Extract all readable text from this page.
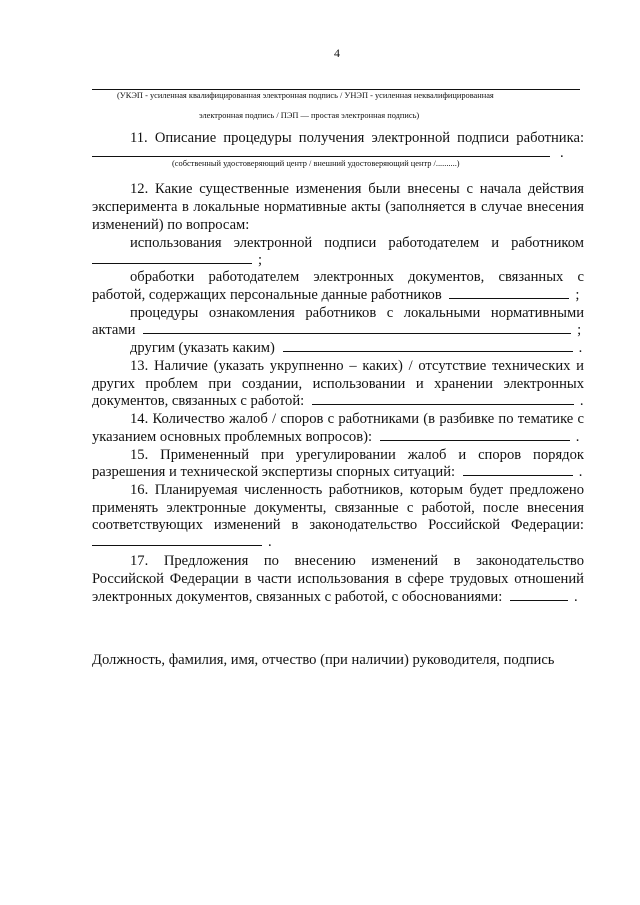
4
(УКЭП - усиленная квалифицированная электронная подпись / УНЭП - усиленная неквалифицированная
электронная подпись / ПЭП — простая электронная подпись)
11. Описание процедуры получения электронной подписи работника:
.
(собственный удостоверяющий центр / внешний удостоверяющий центр /..........)
12. Какие существенные изменения были внесены с начала действия
эксперимента в локальные нормативные акты (заполняется в случае внесения
изменений) по вопросам:
использования электронной подписи работодателем и работником
;
обработки работодателем электронных документов, связанных с
работой, содержащих персональные данные работников	;
процедуры ознакомления работников с локальными нормативными
актами	;
другим (указать каким)	.
13. Наличие (указать укрупненно – каких) / отсутствие технических и
других проблем при создании, использовании и хранении электронных
документов, связанных с работой:	.
14. Количество жалоб / споров с работниками (в разбивке по тематике с
указанием основных проблемных вопросов):	.
15. Примененный при урегулировании жалоб и споров порядок
разрешения и технической экспертизы спорных ситуаций:	.
16. Планируемая численность работников, которым будет предложено
применять электронные документы, связанные с работой, после внесения
соответствующих изменений в законодательство Российской Федерации:
.
17. Предложения по внесению изменений в законодательство
Российской Федерации в части использования в сфере трудовых отношений
электронных документов, связанных с работой, с обоснованиями:	.
Должность, фамилия, имя, отчество (при наличии) руководителя, подпись
